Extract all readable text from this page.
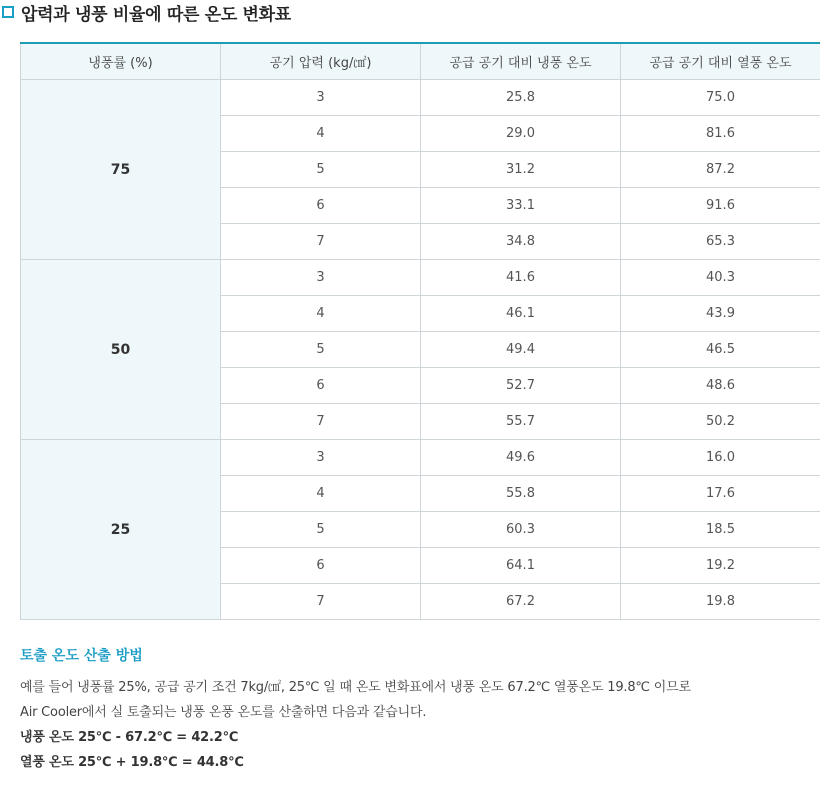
압력과 냉풍 비율에 따른 온도 변화표
냉풍률 (%)	공기 압력 (kg/㎠)	공급 공기 대비 냉풍 온도	공급 공기 대비 열풍 온도
75	3	25.8	75.0
	4	29.0	81.6
	5	31.2	87.2
	6	33.1	91.6
	7	34.8	65.3
50	3	41.6	40.3
	4	46.1	43.9
	5	49.4	46.5
	6	52.7	48.6
	7	55.7	50.2
25	3	49.6	16.0
	4	55.8	17.6
	5	60.3	18.5
	6	64.1	19.2
	7	67.2	19.8

토출 온도 산출 방법

예를 들어 냉풍률 25%, 공급 공기 조건 7kg/㎠, 25℃ 일 때 온도 변화표에서 냉풍 온도 67.2℃ 열풍온도 19.8℃ 이므로

Air Cooler에서 실 토출되는 냉풍 온풍 온도를 산출하면 다음과 같습니다.

냉풍 온도 25℃ - 67.2℃ = 42.2℃

열풍 온도 25℃ + 19.8℃ = 44.8℃
